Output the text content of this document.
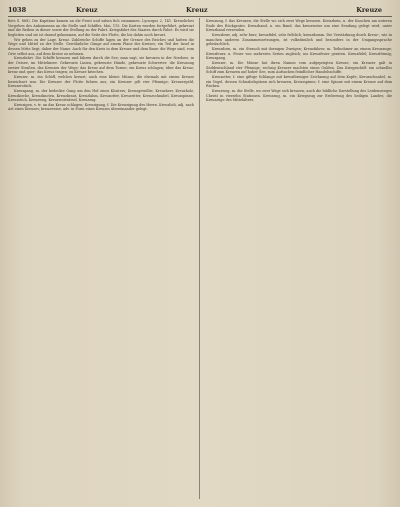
1038	Kreuz	Kreuz	Kreuze

fiets S. 868). Die Kapitäne kamen an die Front und sahen fich zusammen. Lycurgus 2, 141. Kreuzliches Vorgehen des Ankommens an die Stelle und Schiffes. Mai. 115. Die Karten wurden fortgeführt, gekreuzt und die Reihen in dieser sowie der Stellung zu der Fahrt. Kriegsfahrt des Staates durch Fahrt. Es wird sie begleiten und sie ist darauf gekommen, auf die Seite der Flotte, die bis dahin noch kreuzt.

Wir gehen zu der Lage. Kreuz. Zahlreiche Schiffe lagen an der Grenze des Reiches und hatten die Wege und Mittel zu der Stelle. Gewöhnliche Gänge auf einem Plane des Kreises; ein Teil der Insel in dessen Mitte liegt, daher der Name. Auch für den Kreis in dem Kreuze und dem Baue: die Wege sind, vom Orte selbst aus, auf dem Kreise zu nehmen.

Kreuzfahrt. Die Schiffe kreuzen und fahren durch die See; man sagt, sie kreuzen in der Nordsee, in der Ostsee, im Mittelmeer. Gekreuzte Linien, gekreuzte Hände, gekreuzte Schwerter: die Kreuzung zweier Straßen, das Kreuzen der Wege; das Kreuz auf dem Turme; ein Kreuz schlagen; über das Kreuz; kreuz und quer; das Kreuz tragen; zu Kreuze kriechen.

Kreuzer, m. ein Schiff, welches kreuzt; auch eine kleine Münze, die ehemals mit einem Kreuze bezeichnet war. Die Kreuzer der Flotte fuhren aus; ein Kreuzer gilt vier Pfennige; Kreuzergeld, Kreuzerstück.

Kreuzgang, m. der bedeckte Gang um den Hof eines Klosters; Kreuzgewölbe, Kreuzherr, Kreuzholz, Kreuzkirche, Kreuzknoten, Kreuzkraut, Kreuzlahm, Kreuzotter, Kreuzritter, Kreuzschnabel, Kreuzspinne, Kreuzstich, Kreuzweg, Kreuzworträtsel, Kreuzzug.

Kreuzigen, v. tr. an das Kreuz schlagen; Kreuzigung, f. Die Kreuzigung des Herrn. Kreuzlich, adj. nach Art eines Kreuzes; kreuzweise, adv. in Form eines Kreuzes übereinander gelegt.

Kreuzung, f. das Kreuzen; die Stelle wo sich zwei Wege kreuzen. Kreuzbein, n. der Knochen am unteren Ende des Rückgrates. Kreuzband, n. ein Band, das kreuzweise um eine Sendung gelegt wird; unter Kreuzband versenden.

Kreuzbrav, adj. sehr brav; kreuzfidel, sehr fröhlich; kreuzdumm. Die Verstärkung durch Kreuz-, wie in manchen anderen Zusammensetzungen, ist volkstümlich und besonders in der Umgangssprache gebräuchlich.

Kreuzdorn, m. ein Strauch mit dornigen Zweigen; Kreuzfahrer, m. Teilnehmer an einem Kreuzzuge; Kreuzfeuer, n. Feuer von mehreren Seiten zugleich; ins Kreuzfeuer geraten. Kreuzfidel; Kreuzförmig; Kreuzgang.

Kreuzer, m. Die Münze hat ihren Namen vom aufgeprägten Kreuze; ein Kreuzer galt in Süddeutschland vier Pfennige; sechzig Kreuzer machten einen Gulden. Das Kriegsschiff: ein schnelles Schiff zum Kreuzen auf hoher See, zum Aufsuchen feindlicher Handelsschiffe.

Kreuzotter, f. eine giftige Schlange mit kreuzförmiger Zeichnung auf dem Kopfe; Kreuzschnabel, m. ein Vogel, dessen Schnabelspitzen sich kreuzen; Kreuzspinne, f. eine Spinne mit einem Kreuze auf dem Rücken.

Kreuzweg, m. die Stelle, wo zwei Wege sich kreuzen; auch die bildliche Darstellung des Leidensweges Christi in vierzehn Stationen. Kreuzzug, m. ein Kriegszug zur Eroberung des heiligen Landes; die Kreuzzüge des Mittelalters.
